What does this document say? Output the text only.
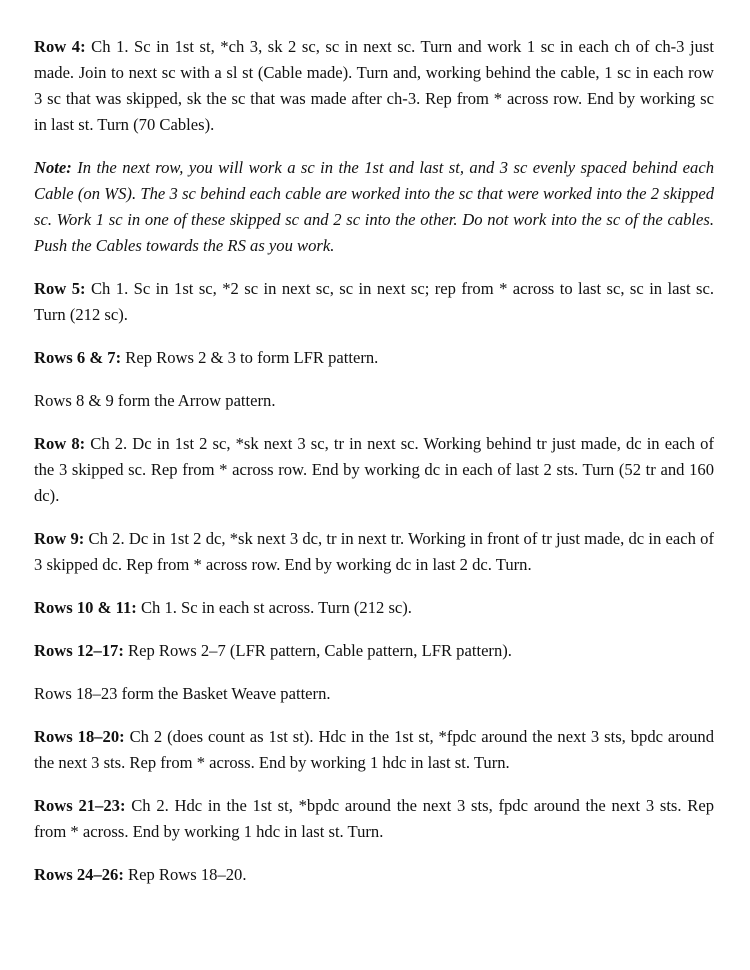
Row 4: Ch 1. Sc in 1st st, *ch 3, sk 2 sc, sc in next sc. Turn and work 1 sc in each ch of ch-3 just made. Join to next sc with a sl st (Cable made). Turn and, working behind the cable, 1 sc in each row 3 sc that was skipped, sk the sc that was made after ch-3. Rep from * across row. End by working sc in last st. Turn (70 Cables).

Note: In the next row, you will work a sc in the 1st and last st, and 3 sc evenly spaced behind each Cable (on WS). The 3 sc behind each cable are worked into the sc that were worked into the 2 skipped sc. Work 1 sc in one of these skipped sc and 2 sc into the other. Do not work into the sc of the cables. Push the Cables towards the RS as you work.

Row 5: Ch 1. Sc in 1st sc, *2 sc in next sc, sc in next sc; rep from * across to last sc, sc in last sc. Turn (212 sc).

Rows 6 & 7: Rep Rows 2 & 3 to form LFR pattern.

Rows 8 & 9 form the Arrow pattern.

Row 8: Ch 2. Dc in 1st 2 sc, *sk next 3 sc, tr in next sc. Working behind tr just made, dc in each of the 3 skipped sc. Rep from * across row. End by working dc in each of last 2 sts. Turn (52 tr and 160 dc).

Row 9: Ch 2. Dc in 1st 2 dc, *sk next 3 dc, tr in next tr. Working in front of tr just made, dc in each of 3 skipped dc. Rep from * across row. End by working dc in last 2 dc. Turn.

Rows 10 & 11: Ch 1. Sc in each st across. Turn (212 sc).

Rows 12–17: Rep Rows 2–7 (LFR pattern, Cable pattern, LFR pattern).

Rows 18–23 form the Basket Weave pattern.

Rows 18–20: Ch 2 (does count as 1st st). Hdc in the 1st st, *fpdc around the next 3 sts, bpdc around the next 3 sts. Rep from * across. End by working 1 hdc in last st. Turn.

Rows 21–23: Ch 2. Hdc in the 1st st, *bpdc around the next 3 sts, fpdc around the next 3 sts. Rep from * across. End by working 1 hdc in last st. Turn.

Rows 24–26: Rep Rows 18–20.
